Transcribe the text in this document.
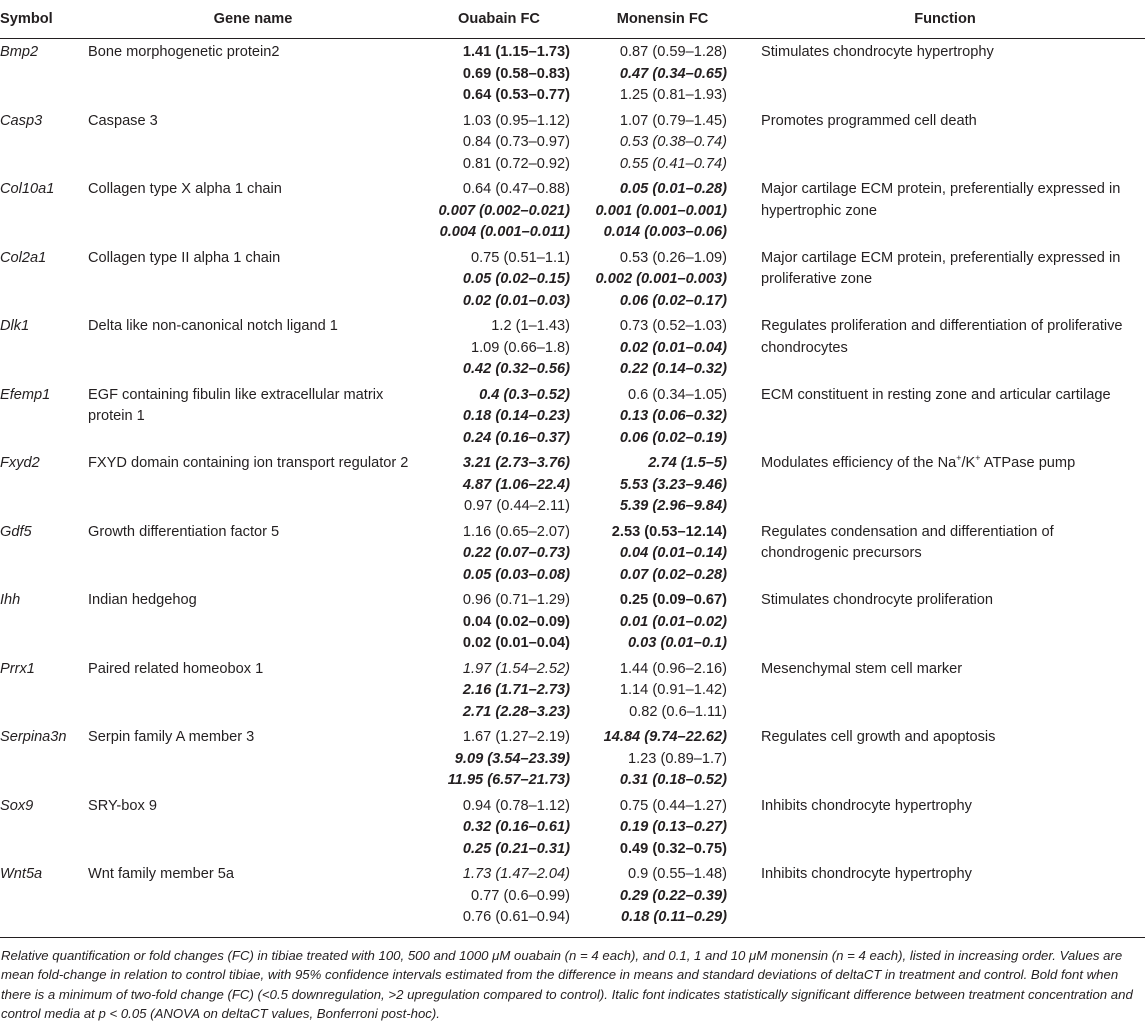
Symbol	Gene name	Ouabain FC	Monensin FC	Function
Bmp2	Bone morphogenetic protein2	1.41 (1.15–1.73)
0.69 (0.58–0.83)
0.64 (0.53–0.77)	0.87 (0.59–1.28)
0.47 (0.34–0.65)
1.25 (0.81–1.93)	Stimulates chondrocyte hypertrophy
Casp3	Caspase 3	1.03 (0.95–1.12)
0.84 (0.73–0.97)
0.81 (0.72–0.92)	1.07 (0.79–1.45)
0.53 (0.38–0.74)
0.55 (0.41–0.74)	Promotes programmed cell death
Col10a1	Collagen type X alpha 1 chain	0.64 (0.47–0.88)
0.007 (0.002–0.021)
0.004 (0.001–0.011)	0.05 (0.01–0.28)
0.001 (0.001–0.001)
0.014 (0.003–0.06)	Major cartilage ECM protein, preferentially expressed in hypertrophic zone
Col2a1	Collagen type II alpha 1 chain	0.75 (0.51–1.1)
0.05 (0.02–0.15)
0.02 (0.01–0.03)	0.53 (0.26–1.09)
0.002 (0.001–0.003)
0.06 (0.02–0.17)	Major cartilage ECM protein, preferentially expressed in proliferative zone
Dlk1	Delta like non-canonical notch ligand 1	1.2 (1–1.43)
1.09 (0.66–1.8)
0.42 (0.32–0.56)	0.73 (0.52–1.03)
0.02 (0.01–0.04)
0.22 (0.14–0.32)	Regulates proliferation and differentiation of proliferative chondrocytes
Efemp1	EGF containing fibulin like extracellular matrix protein 1	0.4 (0.3–0.52)
0.18 (0.14–0.23)
0.24 (0.16–0.37)	0.6 (0.34–1.05)
0.13 (0.06–0.32)
0.06 (0.02–0.19)	ECM constituent in resting zone and articular cartilage
Fxyd2	FXYD domain containing ion transport regulator 2	3.21 (2.73–3.76)
4.87 (1.06–22.4)
0.97 (0.44–2.11)	2.74 (1.5–5)
5.53 (3.23–9.46)
5.39 (2.96–9.84)	Modulates efficiency of the Na+/K+ ATPase pump
Gdf5	Growth differentiation factor 5	1.16 (0.65–2.07)
0.22 (0.07–0.73)
0.05 (0.03–0.08)	2.53 (0.53–12.14)
0.04 (0.01–0.14)
0.07 (0.02–0.28)	Regulates condensation and differentiation of chondrogenic precursors
Ihh	Indian hedgehog	0.96 (0.71–1.29)
0.04 (0.02–0.09)
0.02 (0.01–0.04)	0.25 (0.09–0.67)
0.01 (0.01–0.02)
0.03 (0.01–0.1)	Stimulates chondrocyte proliferation
Prrx1	Paired related homeobox 1	1.97 (1.54–2.52)
2.16 (1.71–2.73)
2.71 (2.28–3.23)	1.44 (0.96–2.16)
1.14 (0.91–1.42)
0.82 (0.6–1.11)	Mesenchymal stem cell marker
Serpina3n	Serpin family A member 3	1.67 (1.27–2.19)
9.09 (3.54–23.39)
11.95 (6.57–21.73)	14.84 (9.74–22.62)
1.23 (0.89–1.7)
0.31 (0.18–0.52)	Regulates cell growth and apoptosis
Sox9	SRY-box 9	0.94 (0.78–1.12)
0.32 (0.16–0.61)
0.25 (0.21–0.31)	0.75 (0.44–1.27)
0.19 (0.13–0.27)
0.49 (0.32–0.75)	Inhibits chondrocyte hypertrophy
Wnt5a	Wnt family member 5a	1.73 (1.47–2.04)
0.77 (0.6–0.99)
0.76 (0.61–0.94)	0.9 (0.55–1.48)
0.29 (0.22–0.39)
0.18 (0.11–0.29)	Inhibits chondrocyte hypertrophy
Relative quantification or fold changes (FC) in tibiae treated with 100, 500 and 1000 μM ouabain (n = 4 each), and 0.1, 1 and 10 μM monensin (n = 4 each), listed in increasing order. Values are mean fold-change in relation to control tibiae, with 95% confidence intervals estimated from the difference in means and standard deviations of deltaCT in treatment and control. Bold font when there is a minimum of two-fold change (FC) (<0.5 downregulation, >2 upregulation compared to control). Italic font indicates statistically significant difference between treatment concentration and control media at p < 0.05 (ANOVA on deltaCT values, Bonferroni post-hoc).				
